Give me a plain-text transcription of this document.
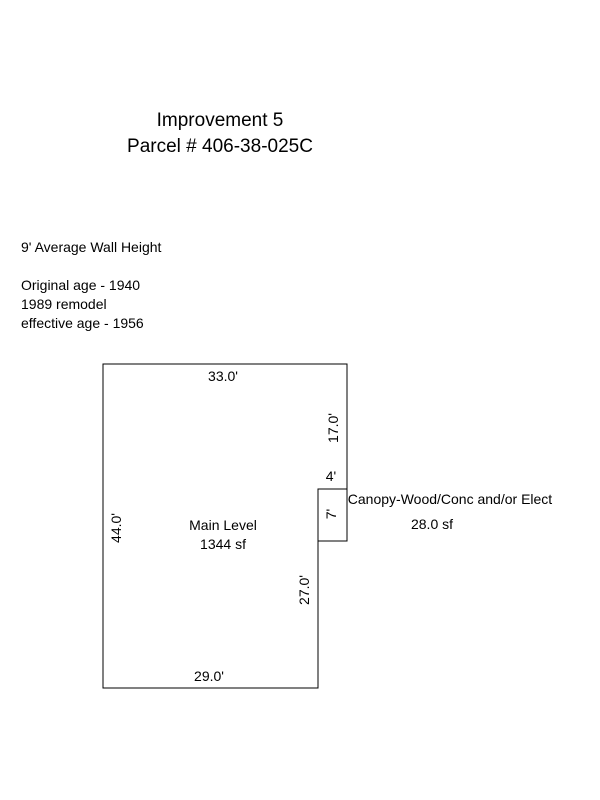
Improvement 5
Parcel # 406-38-025C
9' Average Wall Height
Original age - 1940
1989 remodel
effective age - 1956
33.0'
17.0'
4'
44.0'
27.0'
29.0'
7'
Main Level
1344 sf
Canopy-Wood/Conc and/or Elect
28.0 sf
